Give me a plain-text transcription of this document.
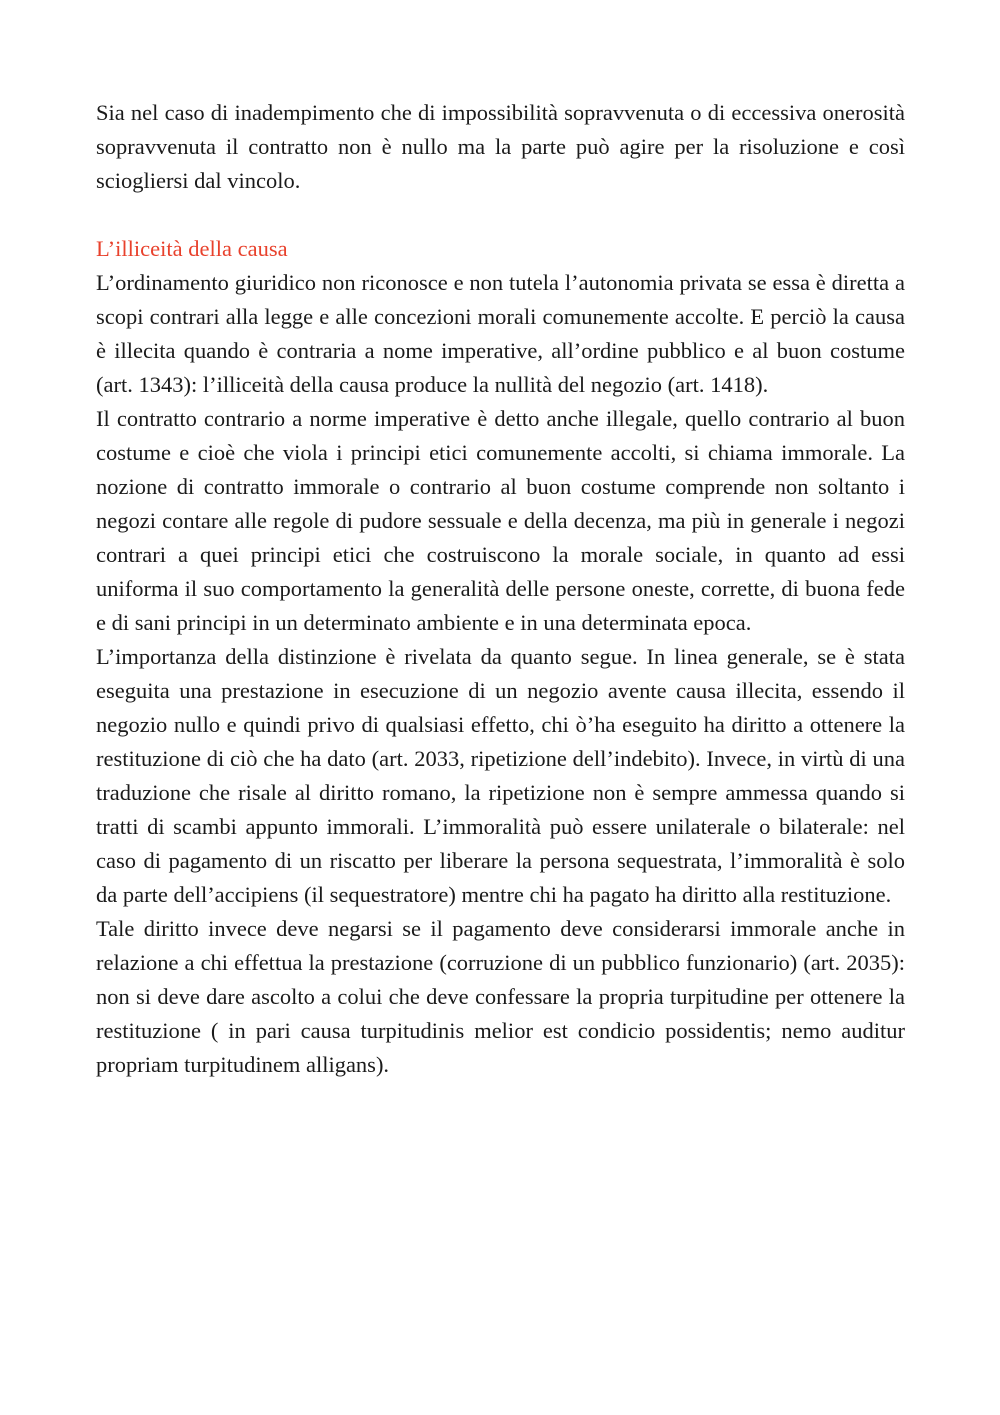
Sia nel caso di inadempimento che di impossibilità sopravvenuta o di eccessiva onerosità sopravvenuta il contratto non è nullo ma la parte può agire per la risoluzione e così sciogliersi dal vincolo.

L’illiceità della causa

L’ordinamento giuridico non riconosce e non tutela l’autonomia privata se essa è diretta a scopi contrari alla legge e alle concezioni morali comunemente accolte. E perciò la causa è illecita quando è contraria a nome imperative, all’ordine pubblico e al buon costume (art. 1343): l’illiceità della causa produce la nullità del negozio (art. 1418).

Il contratto contrario a norme imperative è detto anche illegale, quello contrario al buon costume e cioè che viola i principi etici comunemente accolti, si chiama immorale. La nozione di contratto immorale o contrario al buon costume comprende non soltanto i negozi contare alle regole di pudore sessuale e della decenza, ma più in generale i negozi contrari a quei principi etici che costruiscono la morale sociale, in quanto ad essi uniforma il suo comportamento la generalità delle persone oneste, corrette, di buona fede e di sani principi in un determinato ambiente e in una determinata epoca.

L’importanza della distinzione è rivelata da quanto segue. In linea generale, se è stata eseguita una prestazione in esecuzione di un negozio avente causa illecita, essendo il negozio nullo e quindi privo di qualsiasi effetto, chi ò’ha eseguito ha diritto a ottenere la restituzione di ciò che ha dato (art. 2033, ripetizione dell’indebito). Invece, in virtù di una traduzione che risale al diritto romano, la ripetizione non è sempre ammessa quando si tratti di scambi appunto immorali. L’immoralità può essere unilaterale o bilaterale: nel caso di pagamento di un riscatto per liberare la persona sequestrata, l’immoralità è solo da parte dell’accipiens (il sequestratore) mentre chi ha pagato ha diritto alla restituzione.

Tale diritto invece deve negarsi se il pagamento deve considerarsi immorale anche in relazione a chi effettua la prestazione (corruzione di un pubblico funzionario) (art. 2035): non si deve dare ascolto a colui che deve confessare la propria turpitudine per ottenere la restituzione ( in pari causa turpitudinis melior est condicio possidentis; nemo auditur propriam turpitudinem alligans).
